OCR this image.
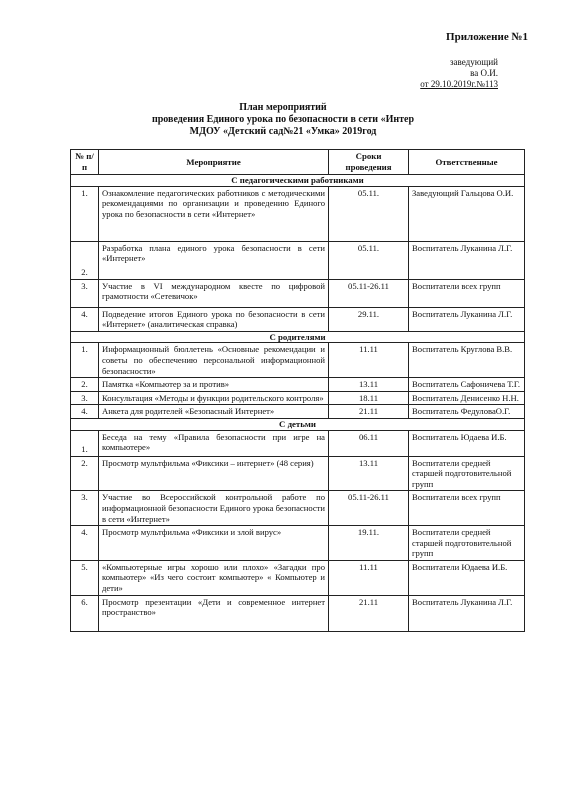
Приложение №1
заведующий
ва О.И.
от 29.10.2019г.№113
План мероприятий
проведения Единого урока по безопасности в сети «Интер
МДОУ «Детский сад№21 «Умка» 2019год
№ п/п	Мероприятие	Сроки проведения	Ответственные
С педагогическими работниками			
1.	Ознакомление педагогических работников с методическими рекомендациями по организации и проведению Единого урока по безопасности в сети «Интернет»	05.11.	Заведующий Гальцова О.И.
2.	Разработка плана единого урока безопасности в сети «Интернет»	05.11.	Воспитатель Луканина Л.Г.
3.	Участие в VI международном квесте по цифровой грамотности «Сетевичок»	05.11-26.11	Воспитатели всех групп
4.	Подведение итогов Единого урока по безопасности в сети «Интернет» (аналитическая справка)	29.11.	Воспитатель Луканина Л.Г.
С родителями			
1.	Информационный бюллетень «Основные рекомендации и советы по обеспечению персональной информационной безопасности»	11.11	Воспитатель Круглова В.В.
2.	Памятка «Компьютер за и против»	13.11	Воспитатель Сафоничева Т.Г.
3.	Консультация «Методы и функции родительского контроля»	18.11	Воспитатель Денисенко Н.Н.
4.	Анкета для родителей «Безопасный Интернет»	21.11	Воспитатель ФедуловаО.Г.
С детьми			
1.	Беседа на тему «Правила безопасности при игре на компьютере»	06.11	Воспитатель Юдаева И.Б.
2.	Просмотр мультфильма «Фиксики – интернет» (48 серия)	13.11	Воспитатели средней старшей подготовительной групп
3.	Участие во Всероссийской контрольной работе по информационной безопасности Единого урока безопасности в сети «Интернет»	05.11-26.11	Воспитатели всех групп
4.	Просмотр мультфильма «Фиксики и злой вирус»	19.11.	Воспитатели средней старшей подготовительной групп
5.	«Компьютерные игры хорошо или плохо» «Загадки про компьютер» «Из чего состоит компьютер» « Компьютер и дети»	11.11	Воспитатели Юдаева И.Б.
6.	Просмотр презентации «Дети и современное интернет пространство»	21.11	Воспитатель Луканина Л.Г.
